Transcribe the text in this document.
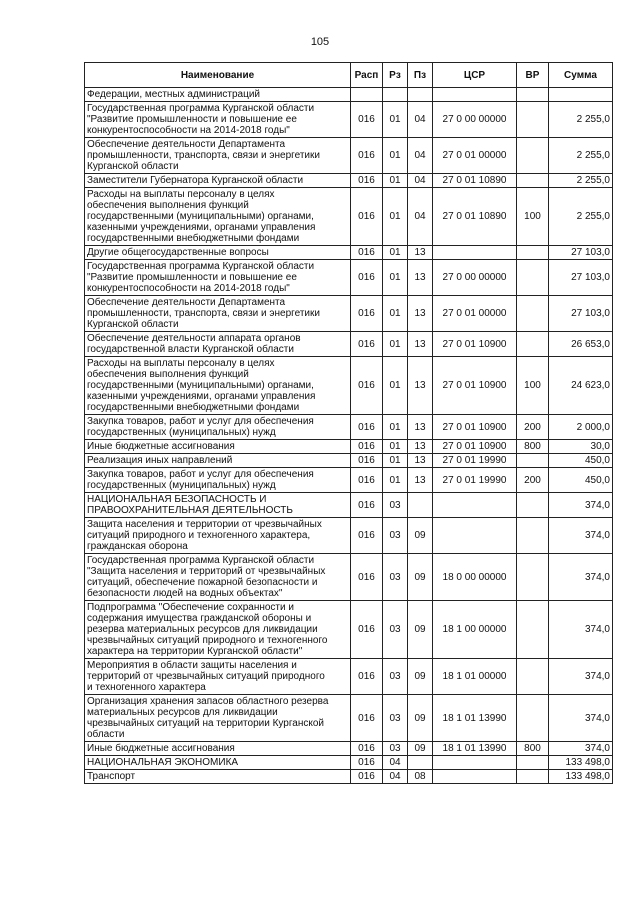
105
Наименование	Расп	Рз	Пз	ЦСР	ВР	Сумма

Федерации, местных администраций						

Государственная программа Курганской области
"Развитие промышленности и повышение ее
конкурентоспособности на 2014-2018 годы"	016	01	04	27 0 00 00000		2 255,0

Обеспечение деятельности Департамента
промышленности, транспорта, связи и энергетики
Курганской области	016	01	04	27 0 01 00000		2 255,0

Заместители Губернатора Курганской области	016	01	04	27 0 01 10890		2 255,0

Расходы на выплаты персоналу в целях
обеспечения выполнения функций
государственными (муниципальными) органами,
казенными учреждениями, органами управления
государственными внебюджетными фондами	016	01	04	27 0 01 10890	100	2 255,0

Другие общегосударственные вопросы	016	01	13			27 103,0

Государственная программа Курганской области
"Развитие промышленности и повышение ее
конкурентоспособности на 2014-2018 годы"	016	01	13	27 0 00 00000		27 103,0

Обеспечение деятельности Департамента
промышленности, транспорта, связи и энергетики
Курганской области	016	01	13	27 0 01 00000		27 103,0

Обеспечение деятельности аппарата органов
государственной власти Курганской области	016	01	13	27 0 01 10900		26 653,0

Расходы на выплаты персоналу в целях
обеспечения выполнения функций
государственными (муниципальными) органами,
казенными учреждениями, органами управления
государственными внебюджетными фондами	016	01	13	27 0 01 10900	100	24 623,0

Закупка товаров, работ и услуг для обеспечения
государственных (муниципальных) нужд	016	01	13	27 0 01 10900	200	2 000,0

Иные бюджетные ассигнования	016	01	13	27 0 01 10900	800	30,0

Реализация иных направлений	016	01	13	27 0 01 19990		450,0

Закупка товаров, работ и услуг для обеспечения
государственных (муниципальных) нужд	016	01	13	27 0 01 19990	200	450,0

НАЦИОНАЛЬНАЯ БЕЗОПАСНОСТЬ И
ПРАВООХРАНИТЕЛЬНАЯ ДЕЯТЕЛЬНОСТЬ	016	03				374,0

Защита населения и территории от чрезвычайных
ситуаций природного и техногенного характера,
гражданская оборона	016	03	09			374,0

Государственная программа Курганской области
"Защита населения и территорий от чрезвычайных
ситуаций, обеспечение пожарной безопасности и
безопасности людей на водных объектах"	016	03	09	18 0 00 00000		374,0

Подпрограмма "Обеспечение сохранности и
содержания имущества гражданской обороны и
резерва материальных ресурсов для ликвидации
чрезвычайных ситуаций природного и техногенного
характера на территории Курганской области"	016	03	09	18 1 00 00000		374,0

Мероприятия в области защиты населения и
территорий от чрезвычайных ситуаций природного
и техногенного характера	016	03	09	18 1 01 00000		374,0

Организация хранения запасов областного резерва
материальных ресурсов для ликвидации
чрезвычайных ситуаций на территории Курганской
области	016	03	09	18 1 01 13990		374,0

Иные бюджетные ассигнования	016	03	09	18 1 01 13990	800	374,0

НАЦИОНАЛЬНАЯ ЭКОНОМИКА	016	04				133 498,0

Транспорт	016	04	08			133 498,0
